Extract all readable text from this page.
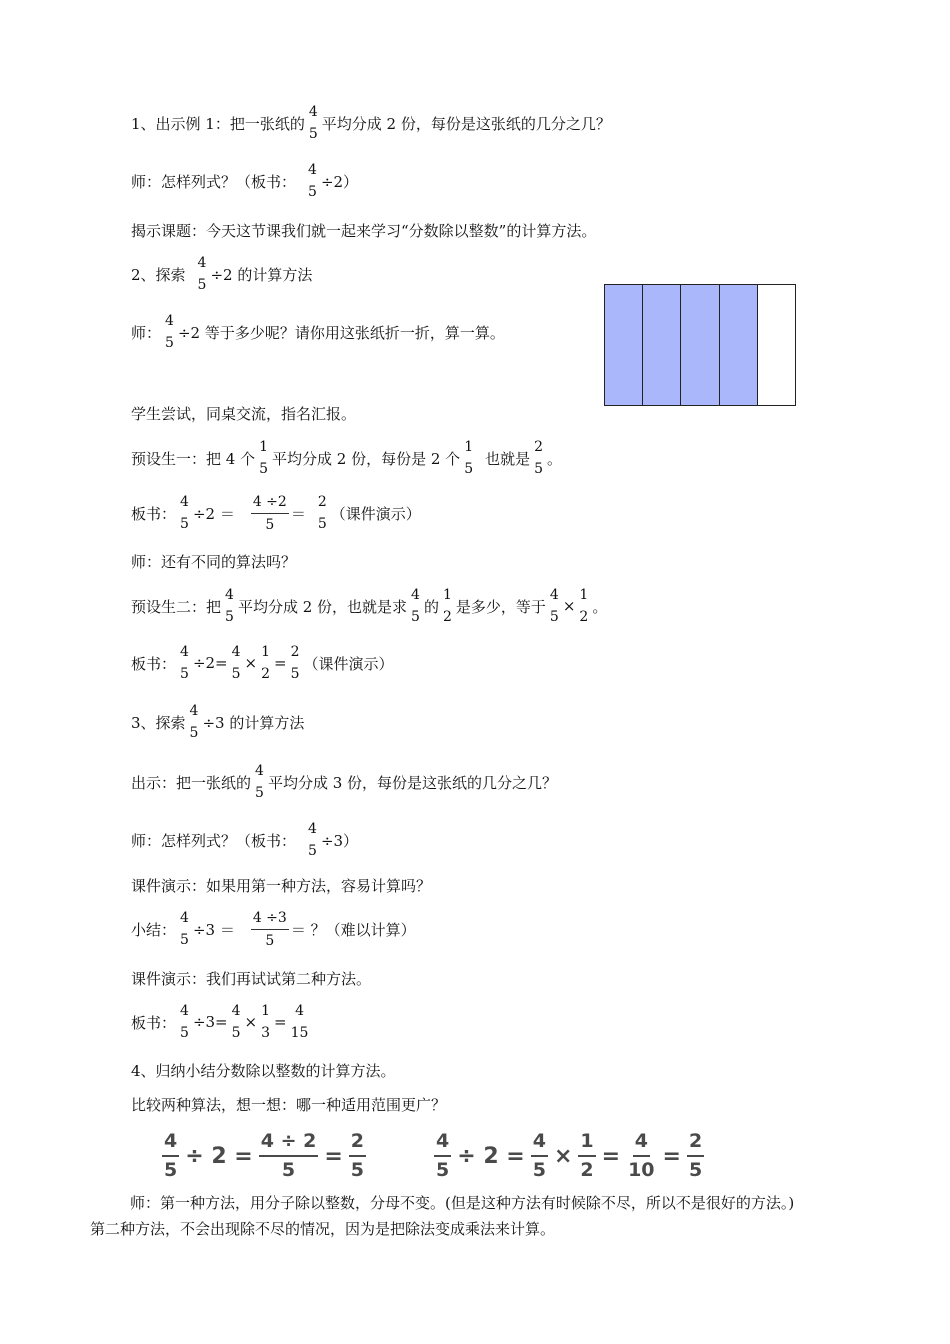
1、出示例 1：把一张纸的
4
5
平均分成 2 份，每份是这张纸的几分之几？
师：怎样列式？（板书：
4
5
÷2）
揭示课题：今天这节课我们就一起来学习“分数除以整数”的计算方法。
2、探索
4
5
÷2 的计算方法
师：
4
5
÷2 等于多少呢？请你用这张纸折一折，算一算。
学生尝试，同桌交流，指名汇报。
预设生一：把 4 个
1
5
平均分成 2 份，每份是 2 个
1
5
也就是
2
5
。
板书：
4
5
$\div 2 = \frac{4 \div 2}{5}$ ＝
2
5
（课件演示）
师：还有不同的算法吗？
预设生二：把
4
5
平均分成 2 份，也就是求
4
5
的
1
2
是多少，等于
4
5
×
1
2
。
板书：
4
5
÷2=
4
5
×
1
2
=
2
5
（课件演示）
3、探索
4
5
÷3 的计算方法
出示：把一张纸的
4
5
平均分成 3 份，每份是这张纸的几分之几？
师：怎样列式？（板书：
4
5
÷3）
课件演示：如果用第一种方法，容易计算吗？
小结：
4
5
$\div 3 = \frac{4 \div 3}{5}$ ＝ ？（难以计算）
课件演示：我们再试试第二种方法。
板书：
4
5
÷3=
4
5
×
1
3
=
4
15
4、归纳小结分数除以整数的计算方法。
比较两种算法，想一想：哪一种适用范围更广？
$\frac{4}{5} \div 2 = \frac{4 \div 2}{5} = \frac{2}{5}$	$\frac{4}{5} \div 2 = \frac{4}{5} \times \frac{1}{2} = \frac{4}{10} = \frac{2}{5}$
师：第一种方法，用分子除以整数，分母不变。(但是这种方法有时候除不尽，所以不是很好的方法。)
第二种方法，不会出现除不尽的情况，因为是把除法变成乘法来计算。
